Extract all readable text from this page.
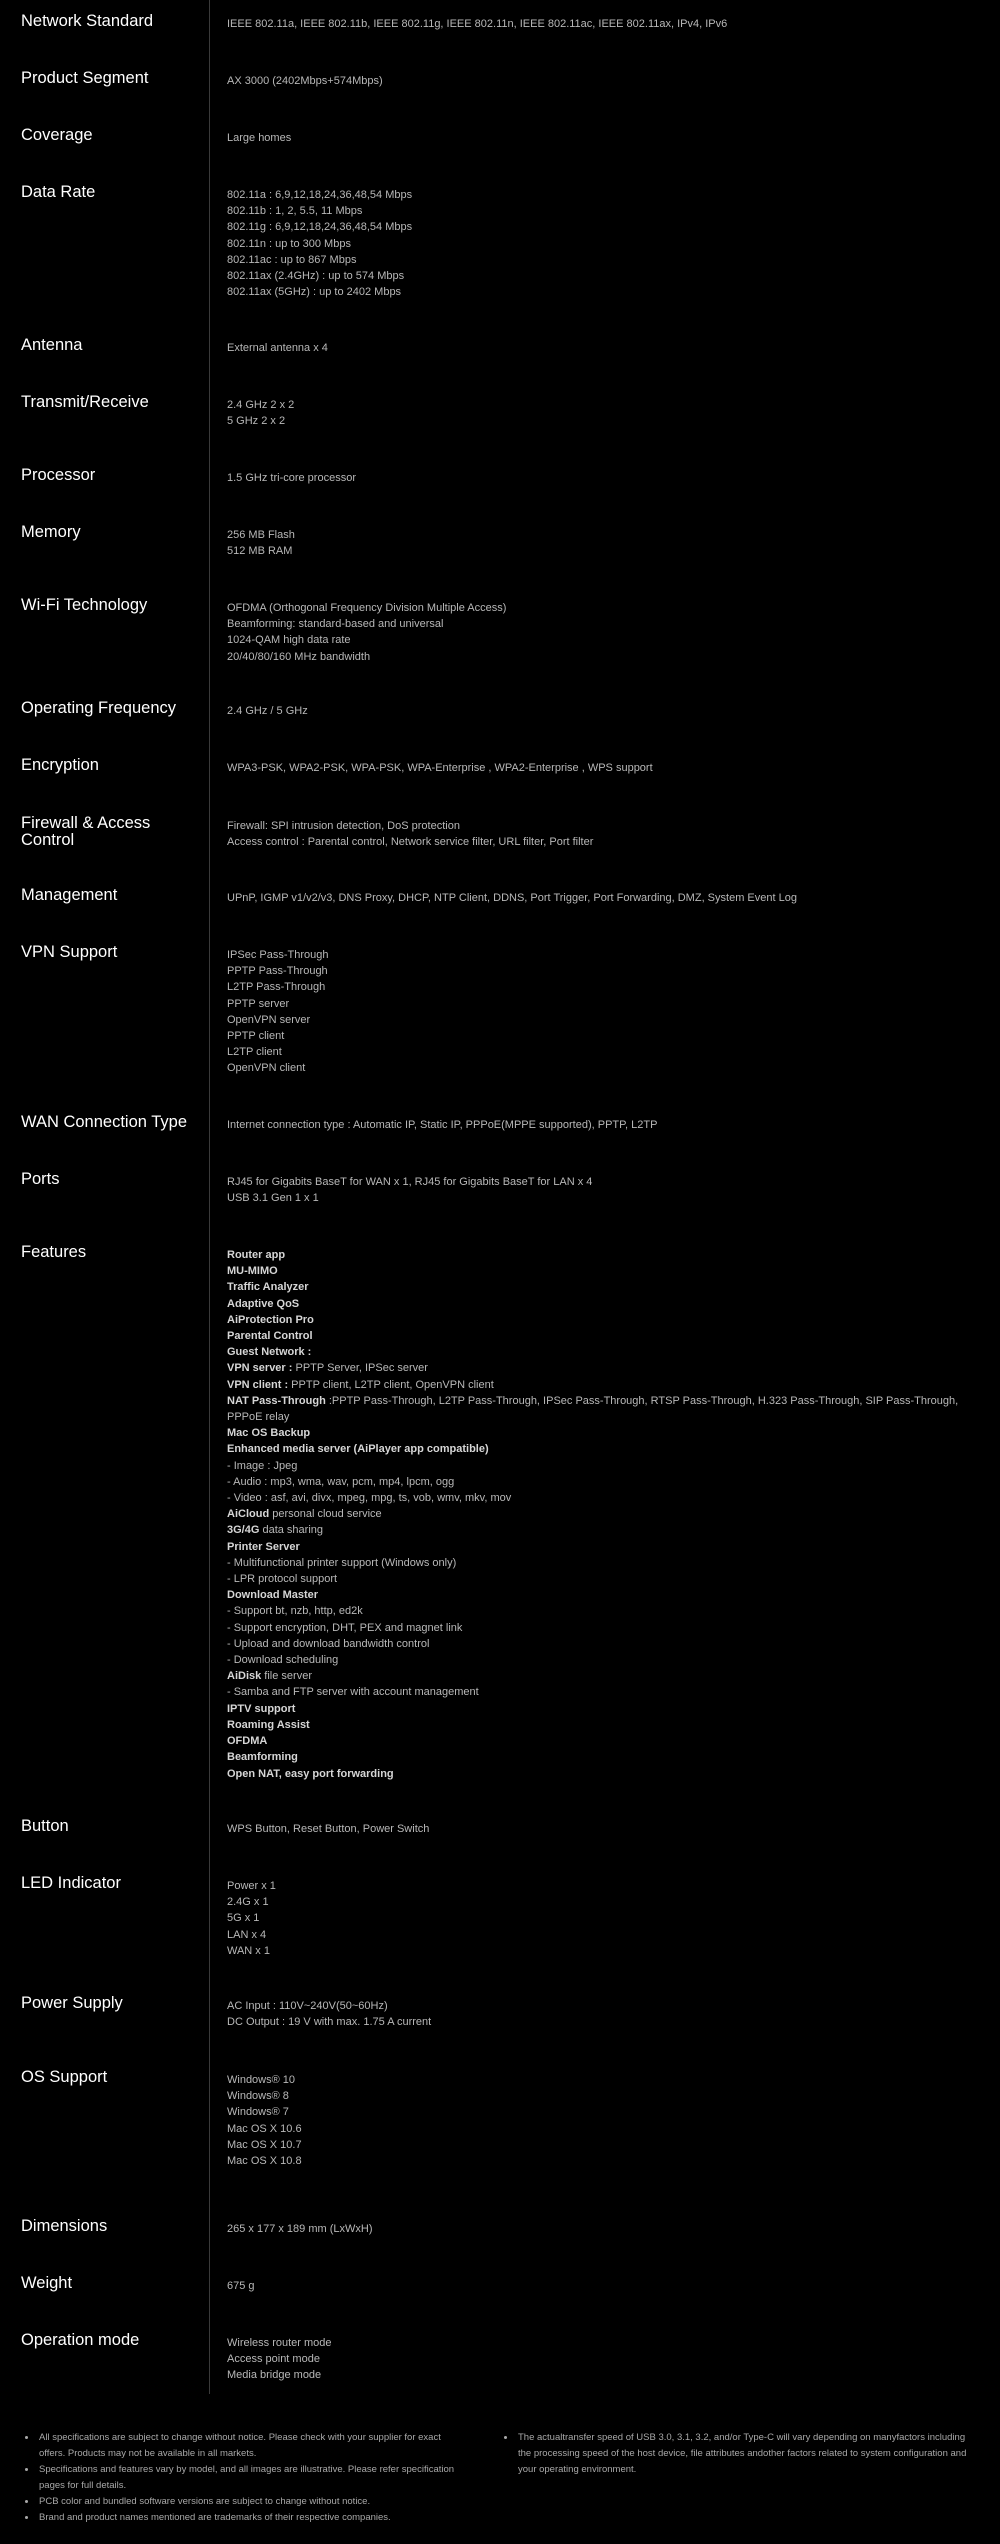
Network Standard	IEEE 802.11a, IEEE 802.11b, IEEE 802.11g, IEEE 802.11n, IEEE 802.11ac, IEEE 802.11ax, IPv4, IPv6
Product Segment	AX 3000 (2402Mbps+574Mbps)
Coverage	Large homes
Data Rate	802.11a : 6,9,12,18,24,36,48,54 Mbps
802.11b : 1, 2, 5.5, 11 Mbps
802.11g : 6,9,12,18,24,36,48,54 Mbps
802.11n : up to 300 Mbps
802.11ac : up to 867 Mbps
802.11ax (2.4GHz) : up to 574 Mbps
802.11ax (5GHz) : up to 2402 Mbps
Antenna	External antenna x 4
Transmit/Receive	2.4 GHz 2 x 2
5 GHz 2 x 2
Processor	1.5 GHz tri-core processor
Memory	256 MB Flash
512 MB RAM
Wi-Fi Technology	OFDMA (Orthogonal Frequency Division Multiple Access)
Beamforming: standard-based and universal
1024-QAM high data rate
20/40/80/160 MHz bandwidth
Operating Frequency	2.4 GHz / 5 GHz
Encryption	WPA3-PSK, WPA2-PSK, WPA-PSK, WPA-Enterprise , WPA2-Enterprise , WPS support
Firewall & Access Control
Firewall: SPI intrusion detection, DoS protection
Access control : Parental control, Network service filter, URL filter, Port filter
Management	UPnP, IGMP v1/v2/v3, DNS Proxy, DHCP, NTP Client, DDNS, Port Trigger, Port Forwarding, DMZ, System Event Log
VPN Support	IPSec Pass-Through
PPTP Pass-Through
L2TP Pass-Through
PPTP server
OpenVPN server
PPTP client
L2TP client
OpenVPN client
WAN Connection Type	Internet connection type : Automatic IP, Static IP, PPPoE(MPPE supported), PPTP, L2TP
Ports	RJ45 for Gigabits BaseT for WAN x 1, RJ45 for Gigabits BaseT for LAN x 4
USB 3.1 Gen 1 x 1
Features	Router app
MU-MIMO
Traffic Analyzer
Adaptive QoS
AiProtection Pro
Parental Control
Guest Network :
VPN server : PPTP Server, IPSec server
VPN client : PPTP client, L2TP client, OpenVPN client
NAT Pass-Through :PPTP Pass-Through, L2TP Pass-Through, IPSec Pass-Through, RTSP Pass-Through, H.323 Pass-Through, SIP Pass-Through, PPPoE relay
Mac OS Backup
Enhanced media server (AiPlayer app compatible)
- Image : Jpeg
- Audio : mp3, wma, wav, pcm, mp4, lpcm, ogg
- Video : asf, avi, divx, mpeg, mpg, ts, vob, wmv, mkv, mov
AiCloud personal cloud service
3G/4G data sharing
Printer Server
- Multifunctional printer support (Windows only)
- LPR protocol support
Download Master
- Support bt, nzb, http, ed2k
- Support encryption, DHT, PEX and magnet link
- Upload and download bandwidth control
- Download scheduling
AiDisk file server
- Samba and FTP server with account management
IPTV support
Roaming Assist
OFDMA
Beamforming
Open NAT, easy port forwarding
Button	WPS Button, Reset Button, Power Switch
LED Indicator	Power x 1
2.4G x 1
5G x 1
LAN x 4
WAN x 1
Power Supply	AC Input : 110V~240V(50~60Hz)
DC Output : 19 V with max. 1.75 A current
OS Support	Windows® 10
Windows® 8
Windows® 7
Mac OS X 10.6
Mac OS X 10.7
Mac OS X 10.8
Dimensions	265 x 177 x 189 mm (LxWxH)
Weight	675 g
Operation mode	Wireless router mode
Access point mode
Media bridge mode
• All specifications are subject to change without notice. Please check with your supplier for exact offers. Products may not be available in all markets.
• Specifications and features vary by model, and all images are illustrative. Please refer specification pages for full details.
• PCB color and bundled software versions are subject to change without notice.
• Brand and product names mentioned are trademarks of their respective companies.
• The actualtransfer speed of USB 3.0, 3.1, 3.2, and/or Type-C will vary depending on manyfactors including the processing speed of the host device, file attributes andother factors related to system configuration and your operating environment.
